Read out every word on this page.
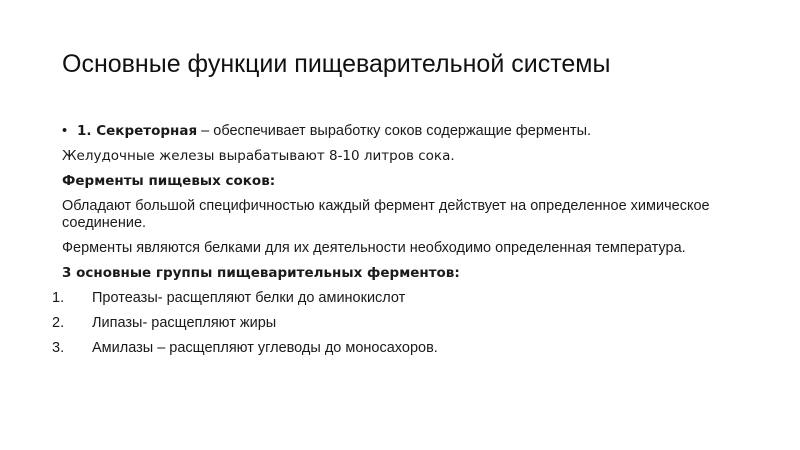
Основные функции пищеварительной системы
• 1. Секреторная – обеспечивает выработку соков содержащие ферменты.
Желудочные железы вырабатывают 8-10 литров сока.
Ферменты пищевых соков:
Обладают большой специфичностью каждый фермент действует на определенное химическое соединение.
Ферменты являются белками для их деятельности необходимо определенная температура.
3 основные группы пищеварительных ферментов:
1. Протеазы- расщепляют белки до аминокислот
2. Липазы- расщепляют жиры
3. Амилазы – расщепляют углеводы до моносахоров.
